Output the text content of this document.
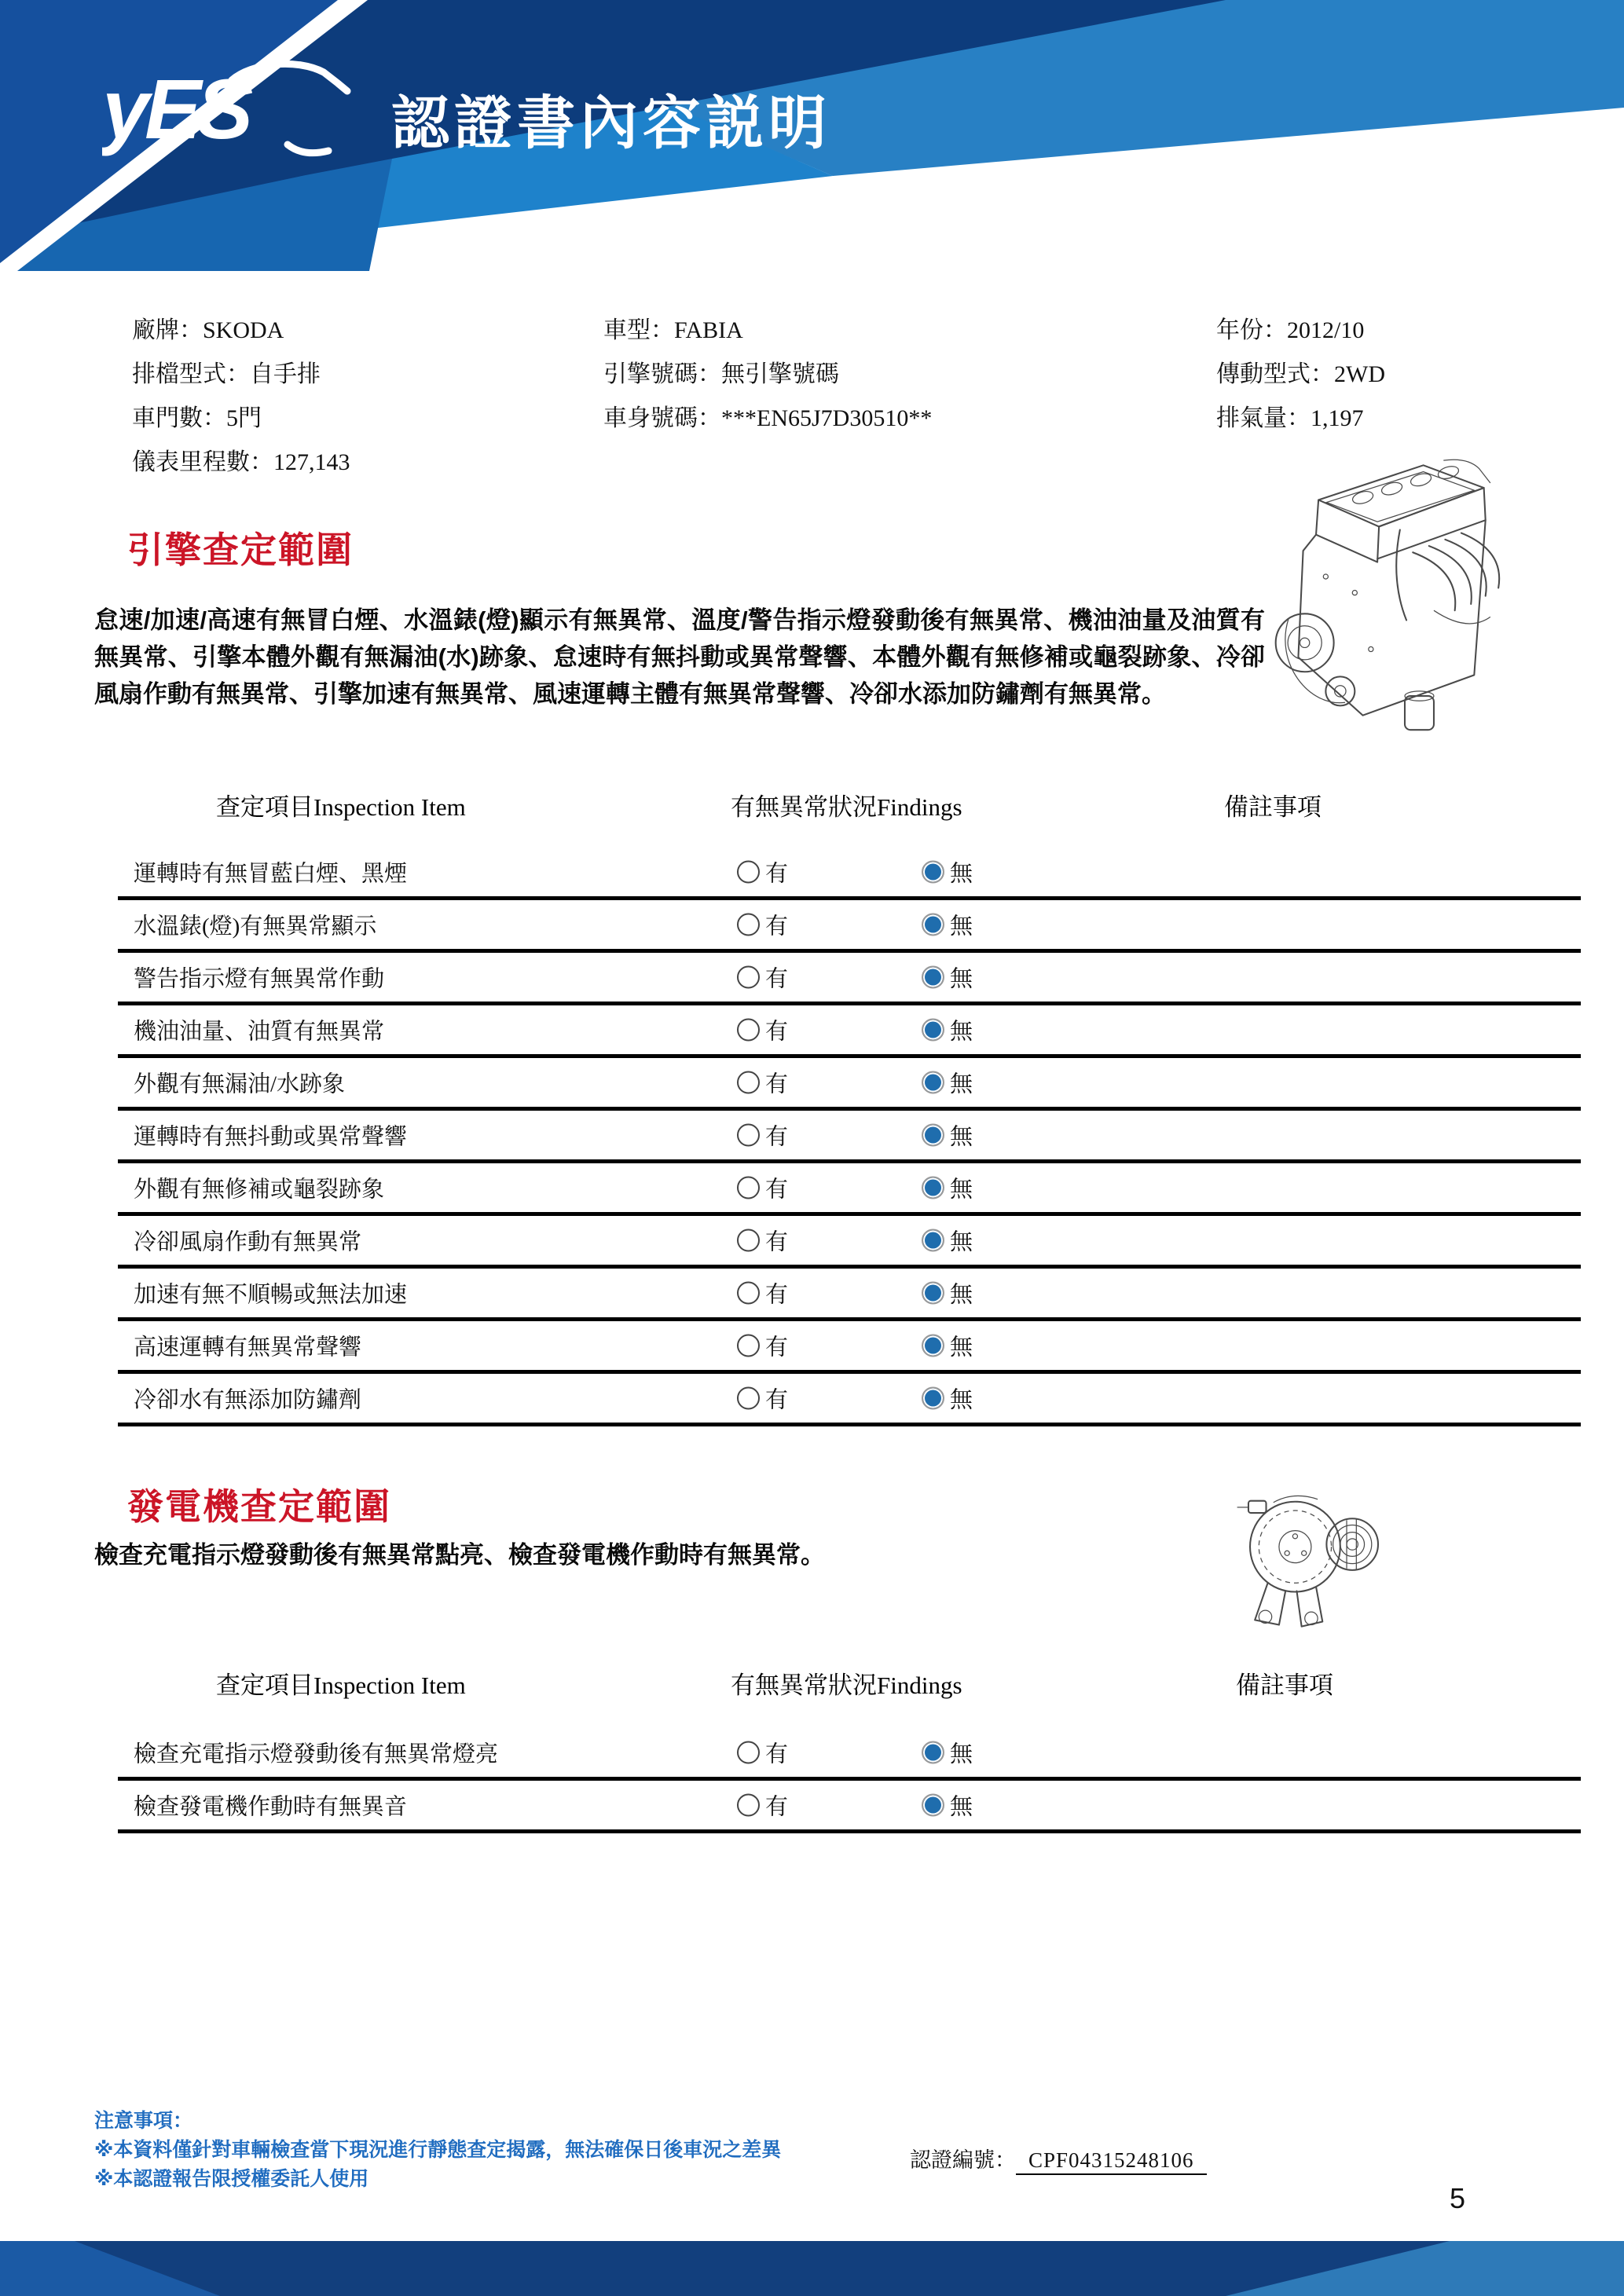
yES 認證書內容説明
廠牌：SKODA
排檔型式：自手排
車門數：5門
儀表里程數：127,143
車型：FABIA
引擎號碼：無引擎號碼
車身號碼：***EN65J7D30510**
年份：2012/10
傳動型式：2WD
排氣量：1,197
引擎查定範圍
怠速/加速/高速有無冒白煙、水溫錶(燈)顯示有無異常、溫度/警告指示燈發動後有無異常、機油油量及油質有無異常、引擎本體外觀有無漏油(水)跡象、怠速時有無抖動或異常聲響、本體外觀有無修補或龜裂跡象、冷卻風扇作動有無異常、引擎加速有無異常、風速運轉主體有無異常聲響、冷卻水添加防鏽劑有無異常。
查定項目Inspection Item	有無異常狀況Findings	備註事項
運轉時有無冒藍白煙、黑煙	有	無
水溫錶(燈)有無異常顯示	有	無
警告指示燈有無異常作動	有	無
機油油量、油質有無異常	有	無
外觀有無漏油/水跡象	有	無
運轉時有無抖動或異常聲響	有	無
外觀有無修補或龜裂跡象	有	無
冷卻風扇作動有無異常	有	無
加速有無不順暢或無法加速	有	無
高速運轉有無異常聲響	有	無
冷卻水有無添加防鏽劑	有	無
發電機查定範圍
檢查充電指示燈發動後有無異常點亮、檢查發電機作動時有無異常。
查定項目Inspection Item	有無異常狀況Findings	備註事項
檢查充電指示燈發動後有無異常燈亮	有	無
檢查發電機作動時有無異音	有	無
注意事項：
※本資料僅針對車輛檢查當下現況進行靜態查定揭露，無法確保日後車況之差異
※本認證報告限授權委託人使用
認證編號： CPF04315248106
5
